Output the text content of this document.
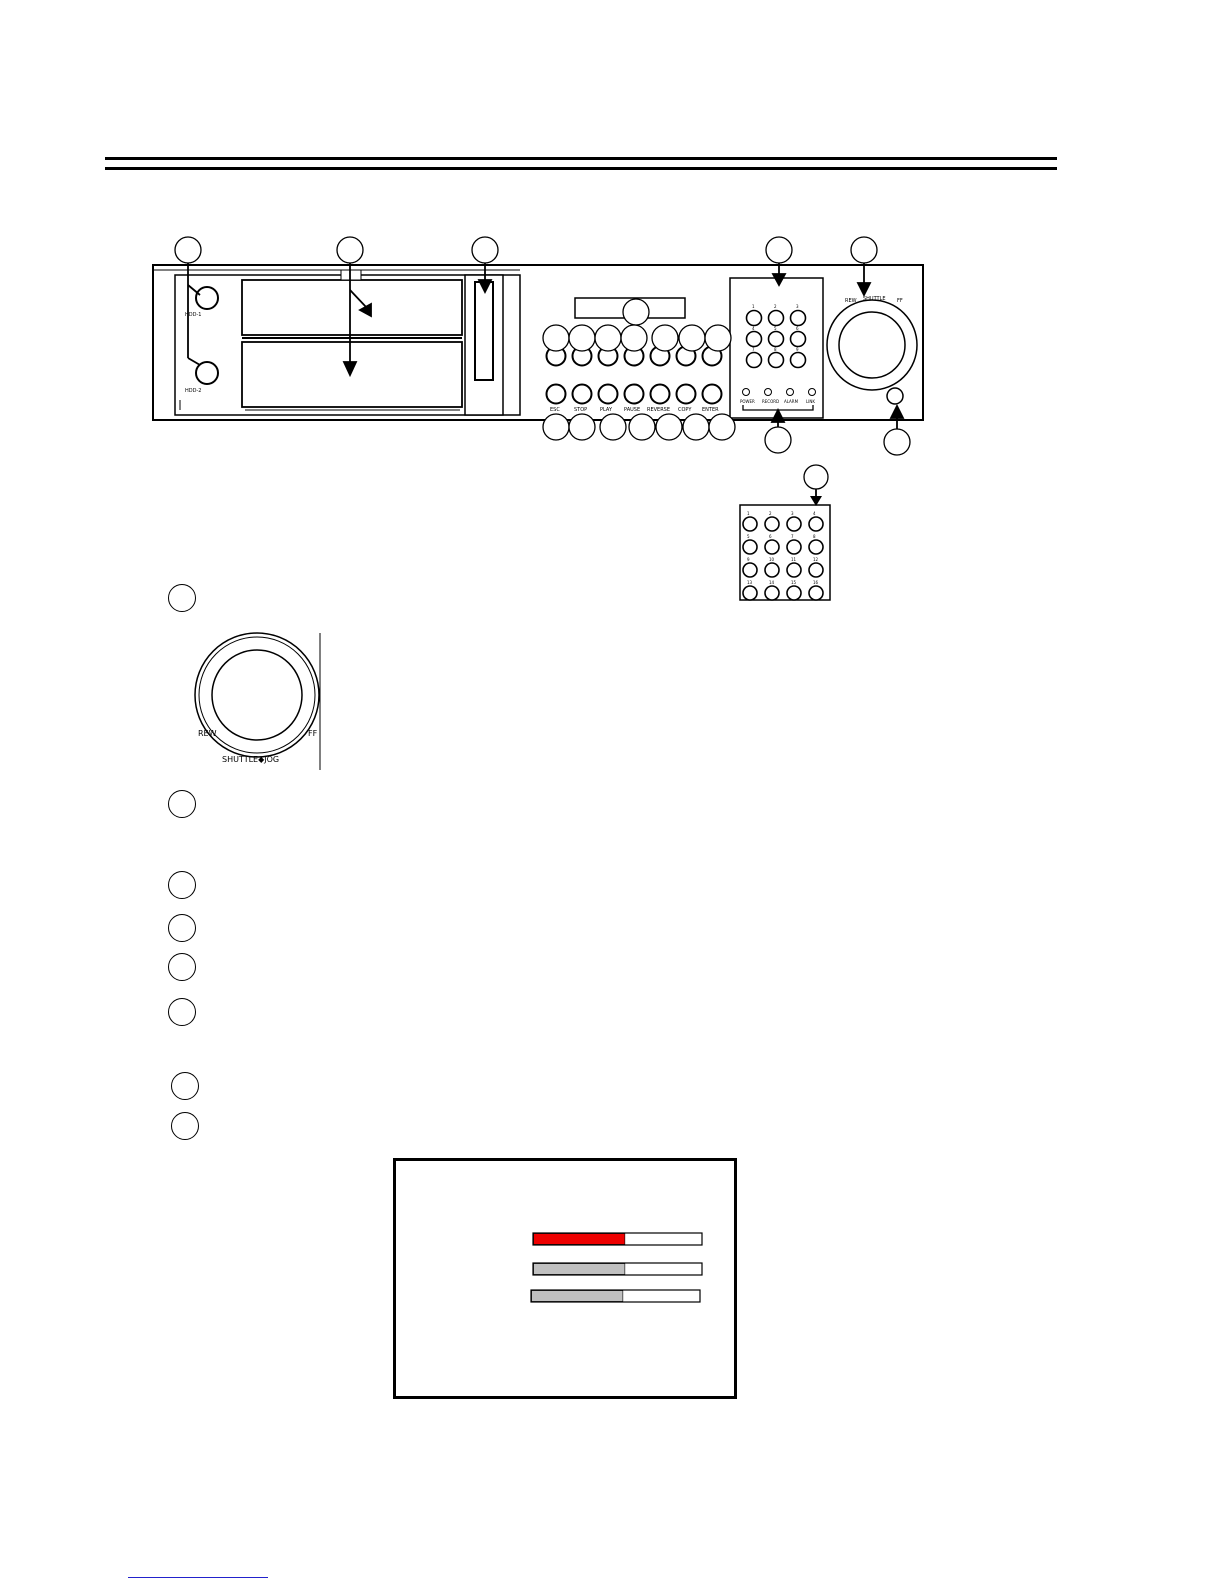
HDD-1
HDD-2
REW SHUTTLE FF
POWER RECORD ALARM LINK
ESC	STOP	PLAY PAUSE REVERSE COPY ENTER
1	2	3
4	5	6
7	8	9
1	2	3	4
5	6	7	8
9	10	11	12
13	14	15	16
REW	FF
SHUTTLE◆JOG
